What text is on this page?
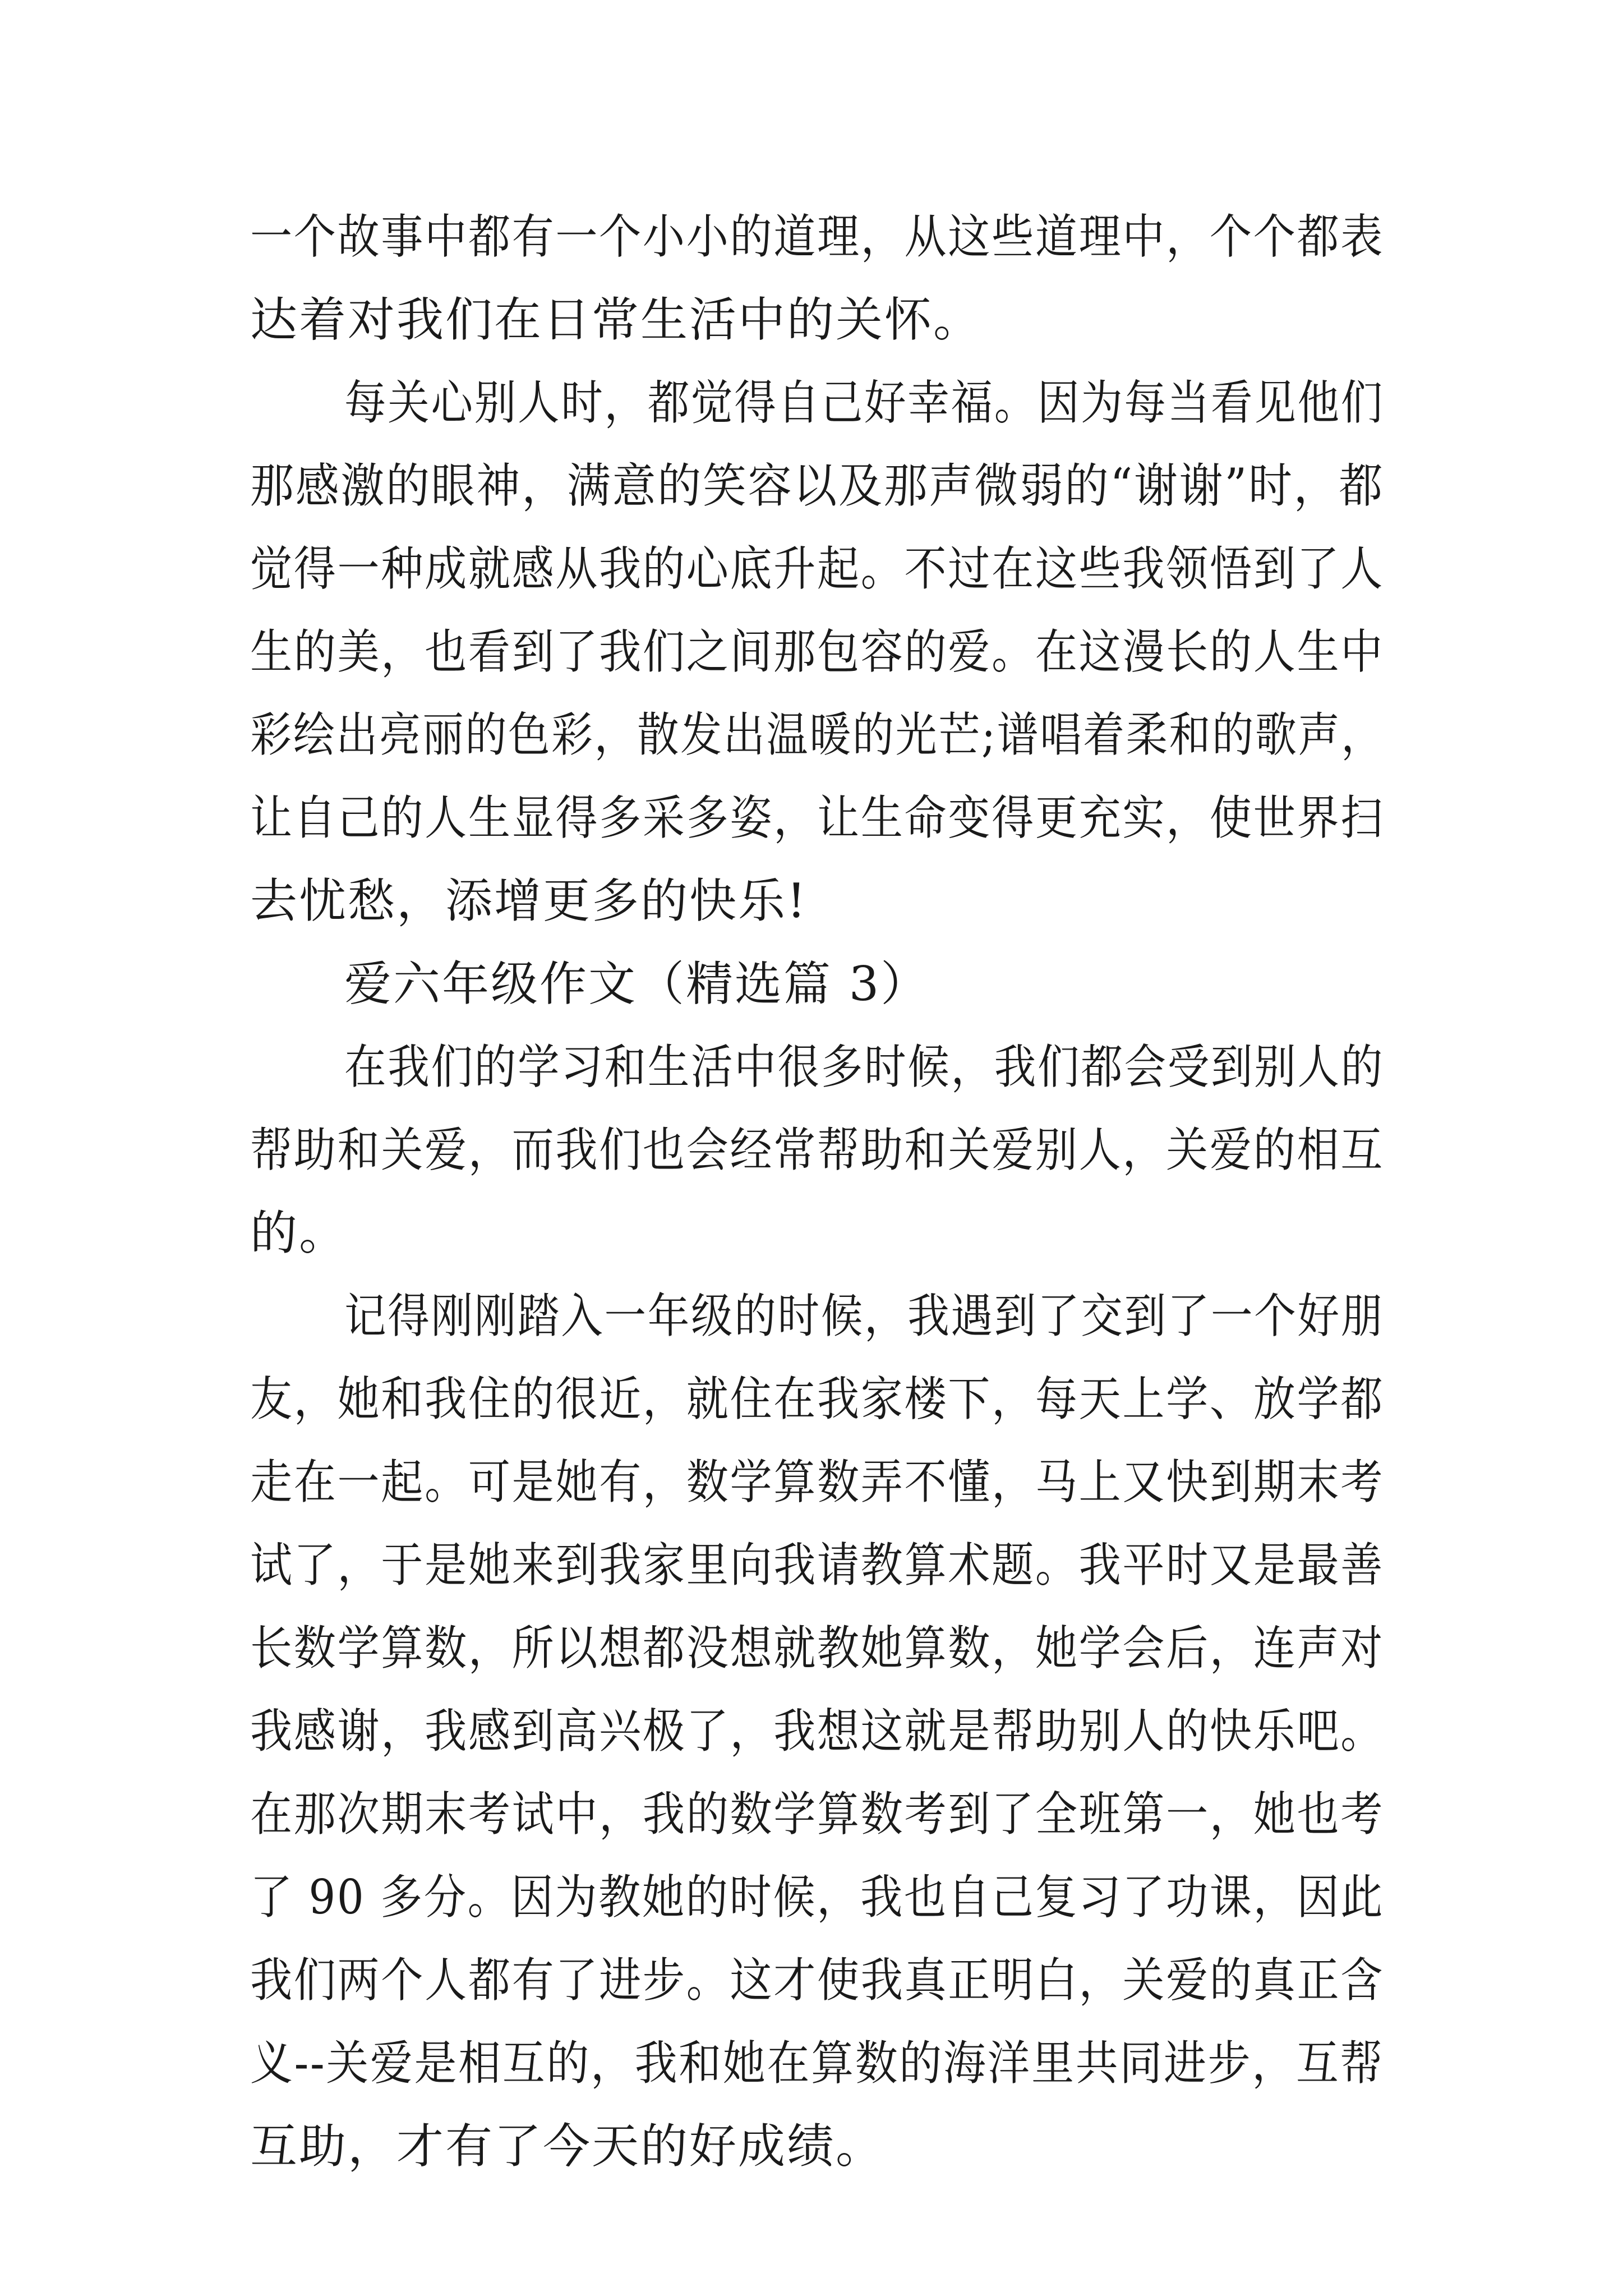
一个故事中都有一个小小的道理，从这些道理中，个个都表
达着对我们在日常生活中的关怀。
每关心别人时，都觉得自己好幸福。因为每当看见他们
那感激的眼神，满意的笑容以及那声微弱的“谢谢”时，都
觉得一种成就感从我的心底升起。不过在这些我领悟到了人
生的美，也看到了我们之间那包容的爱。在这漫长的人生中
彩绘出亮丽的色彩，散发出温暖的光芒;谱唱着柔和的歌声，
让自己的人生显得多采多姿，让生命变得更充实，使世界扫
去忧愁，添增更多的快乐!
爱六年级作文（精选篇 3）
在我们的学习和生活中很多时候，我们都会受到别人的
帮助和关爱，而我们也会经常帮助和关爱别人，关爱的相互
的。
记得刚刚踏入一年级的时候，我遇到了交到了一个好朋
友，她和我住的很近，就住在我家楼下，每天上学、放学都
走在一起。可是她有，数学算数弄不懂，马上又快到期末考
试了，于是她来到我家里向我请教算术题。我平时又是最善
长数学算数，所以想都没想就教她算数，她学会后，连声对
我感谢，我感到高兴极了，我想这就是帮助别人的快乐吧。
在那次期末考试中，我的数学算数考到了全班第一，她也考
了 90 多分。因为教她的时候，我也自己复习了功课，因此
我们两个人都有了进步。这才使我真正明白，关爱的真正含
义--关爱是相互的，我和她在算数的海洋里共同进步，互帮
互助，才有了今天的好成绩。
